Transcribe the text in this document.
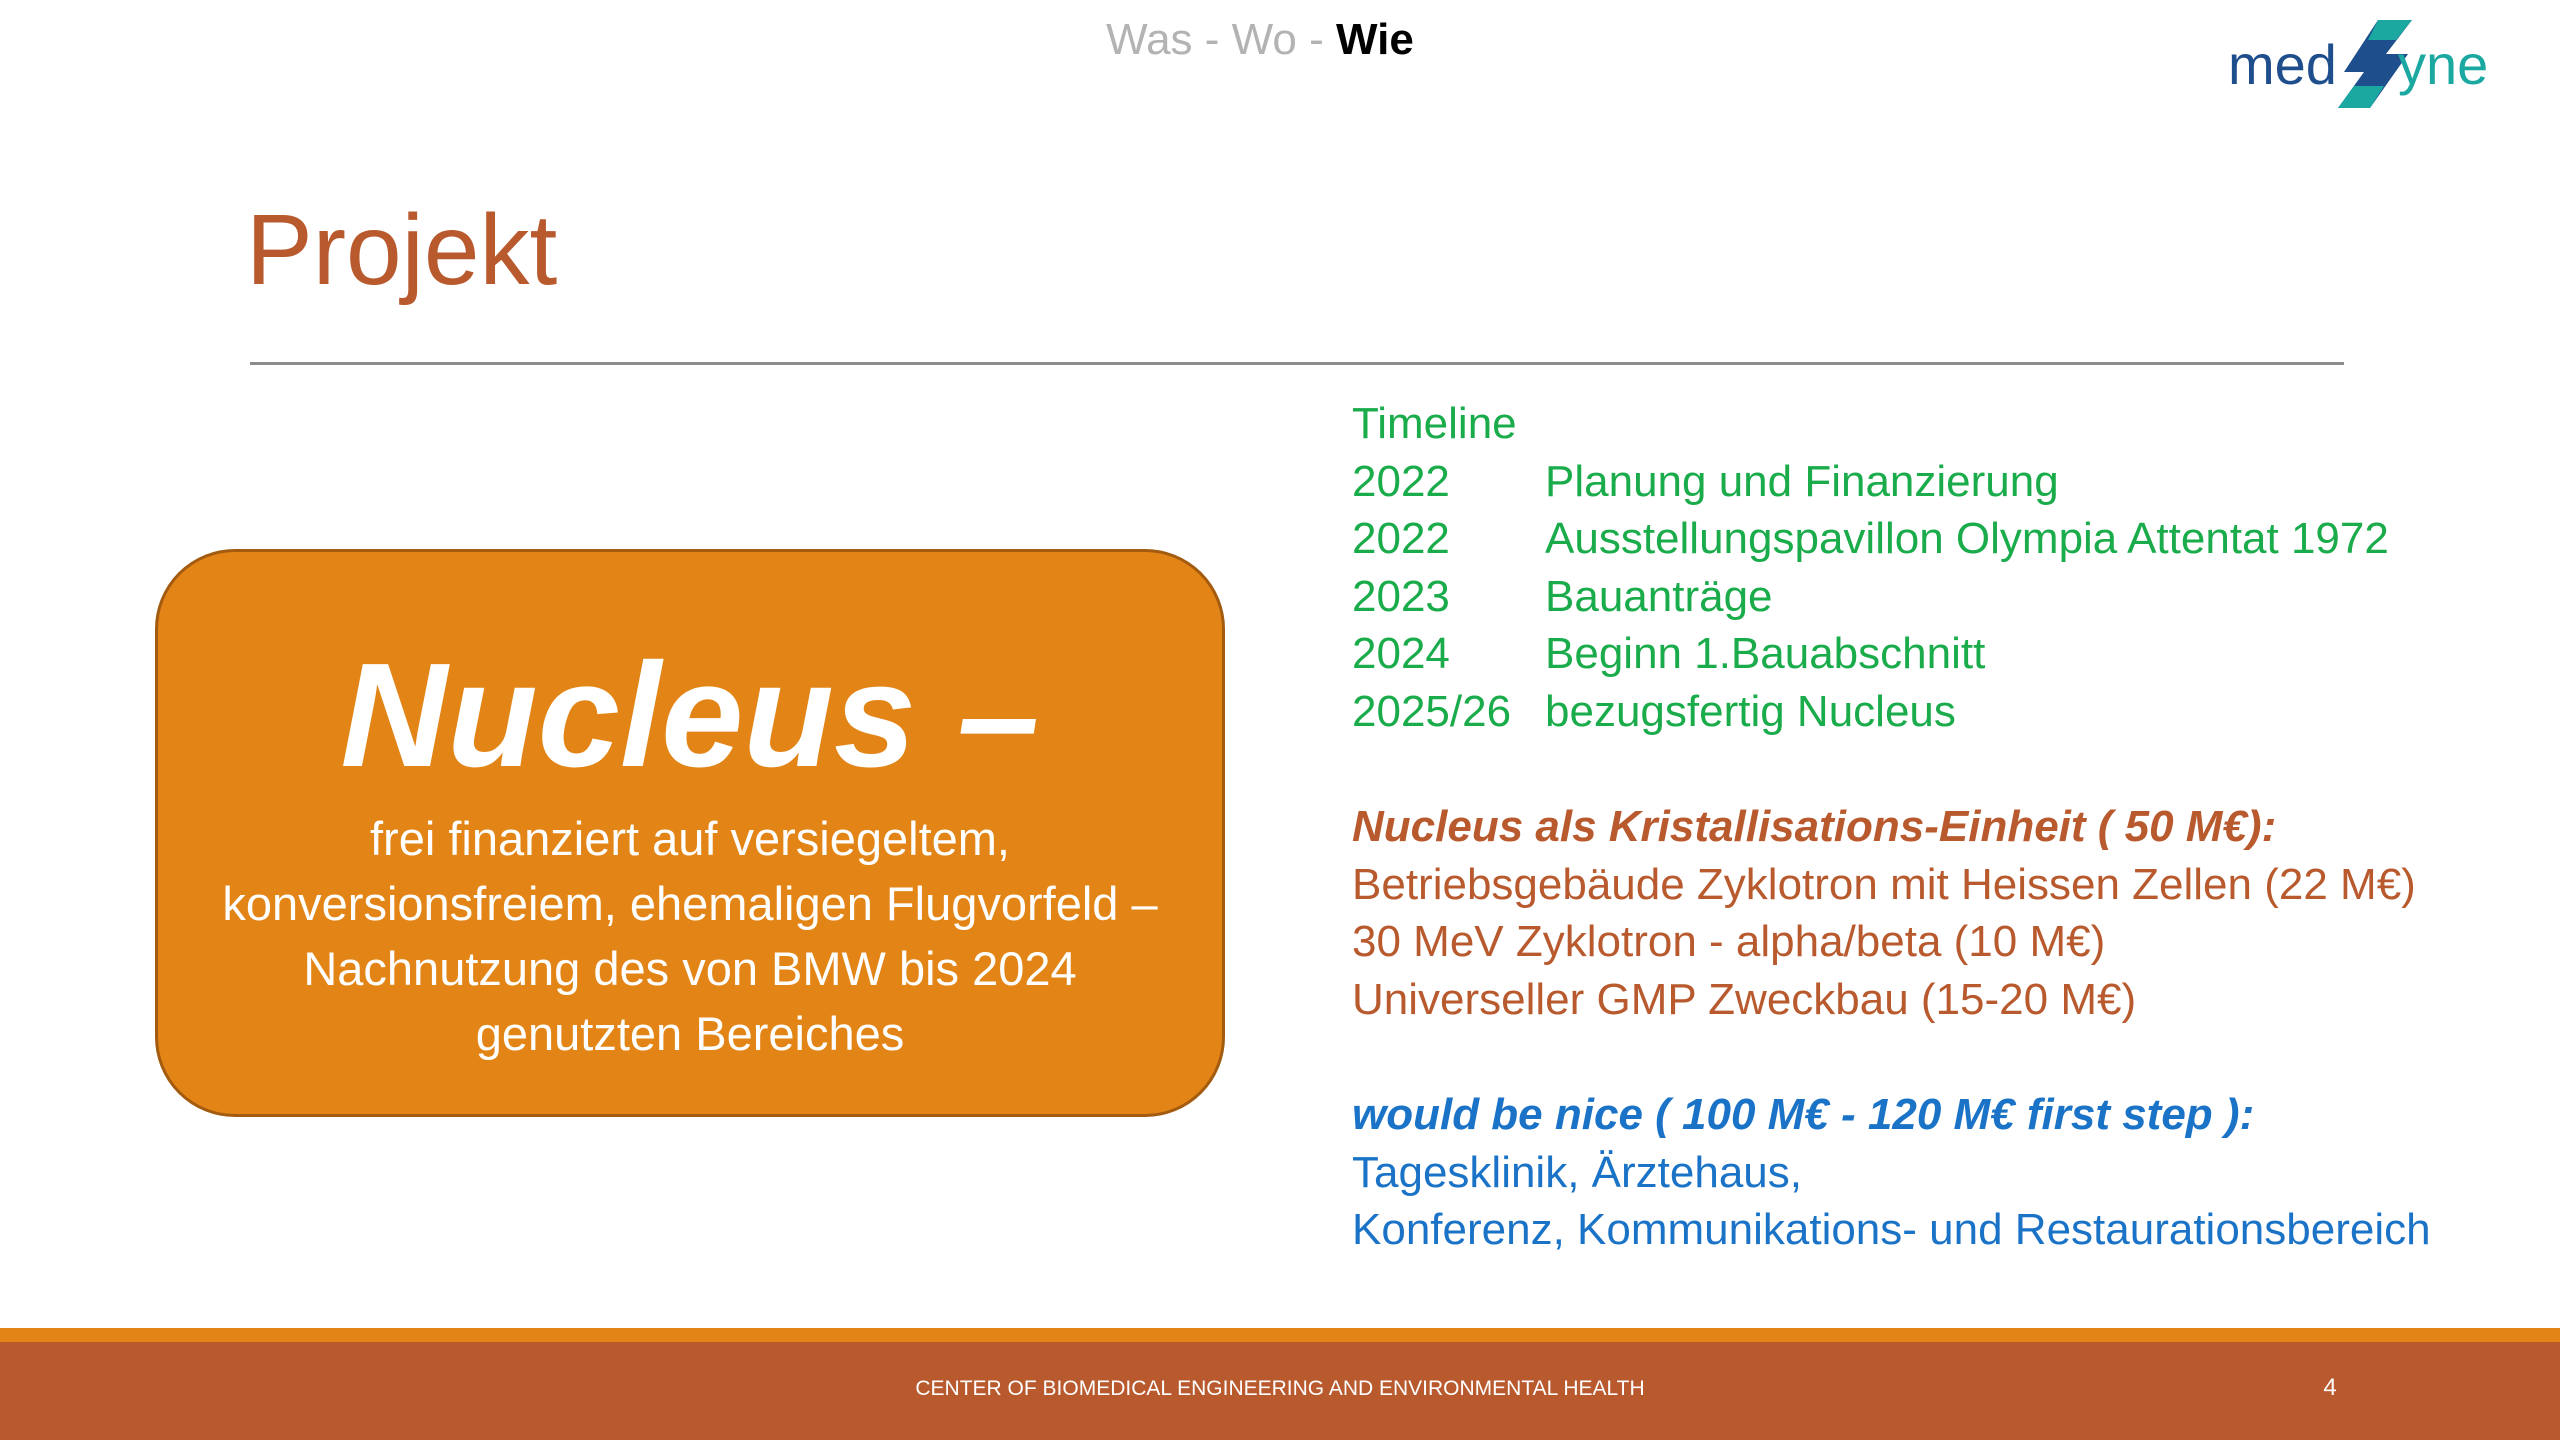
Was - Wo - Wie	med yne
Projekt
Nucleus –
frei finanziert auf versiegeltem,
konversionsfreiem, ehemaligen Flugvorfeld –
Nachnutzung des von BMW bis 2024
genutzten Bereiches
Timeline
2022 Planung und Finanzierung
2022 Ausstellungspavillon Olympia Attentat 1972
2023 Bauanträge
2024 Beginn 1.Bauabschnitt
2025/26 bezugsfertig Nucleus
Nucleus als Kristallisations-Einheit ( 50 M€):
Betriebsgebäude Zyklotron mit Heissen Zellen (22 M€)
30 MeV Zyklotron - alpha/beta (10 M€)
Universeller GMP Zweckbau (15-20 M€)
would be nice ( 100 M€ - 120 M€ first step ):
Tagesklinik, Ärztehaus,
Konferenz, Kommunikations- und Restaurationsbereich
CENTER OF BIOMEDICAL ENGINEERING AND ENVIRONMENTAL HEALTH	4
